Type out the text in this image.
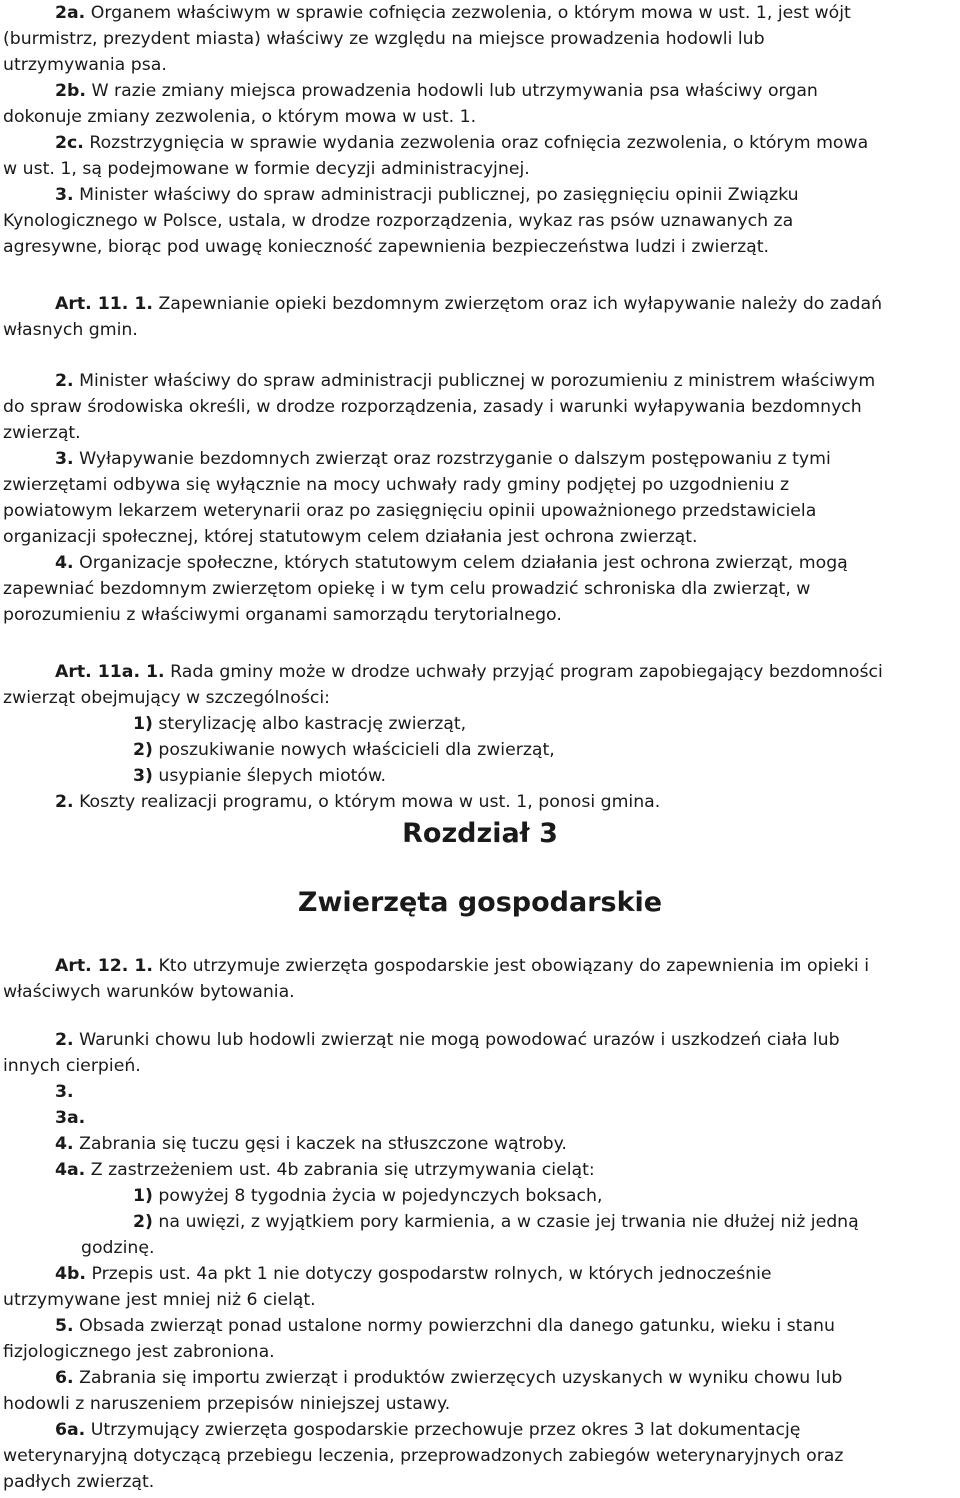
2a. Organem właściwym w sprawie cofnięcia zezwolenia, o którym mowa w ust. 1, jest wójt
(burmistrz, prezydent miasta) właściwy ze względu na miejsce prowadzenia hodowli lub
utrzymywania psa.
2b. W razie zmiany miejsca prowadzenia hodowli lub utrzymywania psa właściwy organ
dokonuje zmiany zezwolenia, o którym mowa w ust. 1.
2c. Rozstrzygnięcia w sprawie wydania zezwolenia oraz cofnięcia zezwolenia, o którym mowa
w ust. 1, są podejmowane w formie decyzji administracyjnej.
3. Minister właściwy do spraw administracji publicznej, po zasięgnięciu opinii Związku
Kynologicznego w Polsce, ustala, w drodze rozporządzenia, wykaz ras psów uznawanych za
agresywne, biorąc pod uwagę konieczność zapewnienia bezpieczeństwa ludzi i zwierząt.
Art. 11. 1. Zapewnianie opieki bezdomnym zwierzętom oraz ich wyłapywanie należy do zadań
własnych gmin.
2. Minister właściwy do spraw administracji publicznej w porozumieniu z ministrem właściwym
do spraw środowiska określi, w drodze rozporządzenia, zasady i warunki wyłapywania bezdomnych
zwierząt.
3. Wyłapywanie bezdomnych zwierząt oraz rozstrzyganie o dalszym postępowaniu z tymi
zwierzętami odbywa się wyłącznie na mocy uchwały rady gminy podjętej po uzgodnieniu z
powiatowym lekarzem weterynarii oraz po zasięgnięciu opinii upoważnionego przedstawiciela
organizacji społecznej, której statutowym celem działania jest ochrona zwierząt.
4. Organizacje społeczne, których statutowym celem działania jest ochrona zwierząt, mogą
zapewniać bezdomnym zwierzętom opiekę i w tym celu prowadzić schroniska dla zwierząt, w
porozumieniu z właściwymi organami samorządu terytorialnego.
Art. 11a. 1. Rada gminy może w drodze uchwały przyjąć program zapobiegający bezdomności
zwierząt obejmujący w szczególności:
1) sterylizację albo kastrację zwierząt,
2) poszukiwanie nowych właścicieli dla zwierząt,
3) usypianie ślepych miotów.
2. Koszty realizacji programu, o którym mowa w ust. 1, ponosi gmina.
Rozdział 3
Zwierzęta gospodarskie
Art. 12. 1. Kto utrzymuje zwierzęta gospodarskie jest obowiązany do zapewnienia im opieki i
właściwych warunków bytowania.
2. Warunki chowu lub hodowli zwierząt nie mogą powodować urazów i uszkodzeń ciała lub
innych cierpień.
3.
3a.
4. Zabrania się tuczu gęsi i kaczek na stłuszczone wątroby.
4a. Z zastrzeżeniem ust. 4b zabrania się utrzymywania cieląt:
1) powyżej 8 tygodnia życia w pojedynczych boksach,
2) na uwięzi, z wyjątkiem pory karmienia, a w czasie jej trwania nie dłużej niż jedną
godzinę.
4b. Przepis ust. 4a pkt 1 nie dotyczy gospodarstw rolnych, w których jednocześnie
utrzymywane jest mniej niż 6 cieląt.
5. Obsada zwierząt ponad ustalone normy powierzchni dla danego gatunku, wieku i stanu
fizjologicznego jest zabroniona.
6. Zabrania się importu zwierząt i produktów zwierzęcych uzyskanych w wyniku chowu lub
hodowli z naruszeniem przepisów niniejszej ustawy.
6a. Utrzymujący zwierzęta gospodarskie przechowuje przez okres 3 lat dokumentację
weterynaryjną dotyczącą przebiegu leczenia, przeprowadzonych zabiegów weterynaryjnych oraz
padłych zwierząt.
